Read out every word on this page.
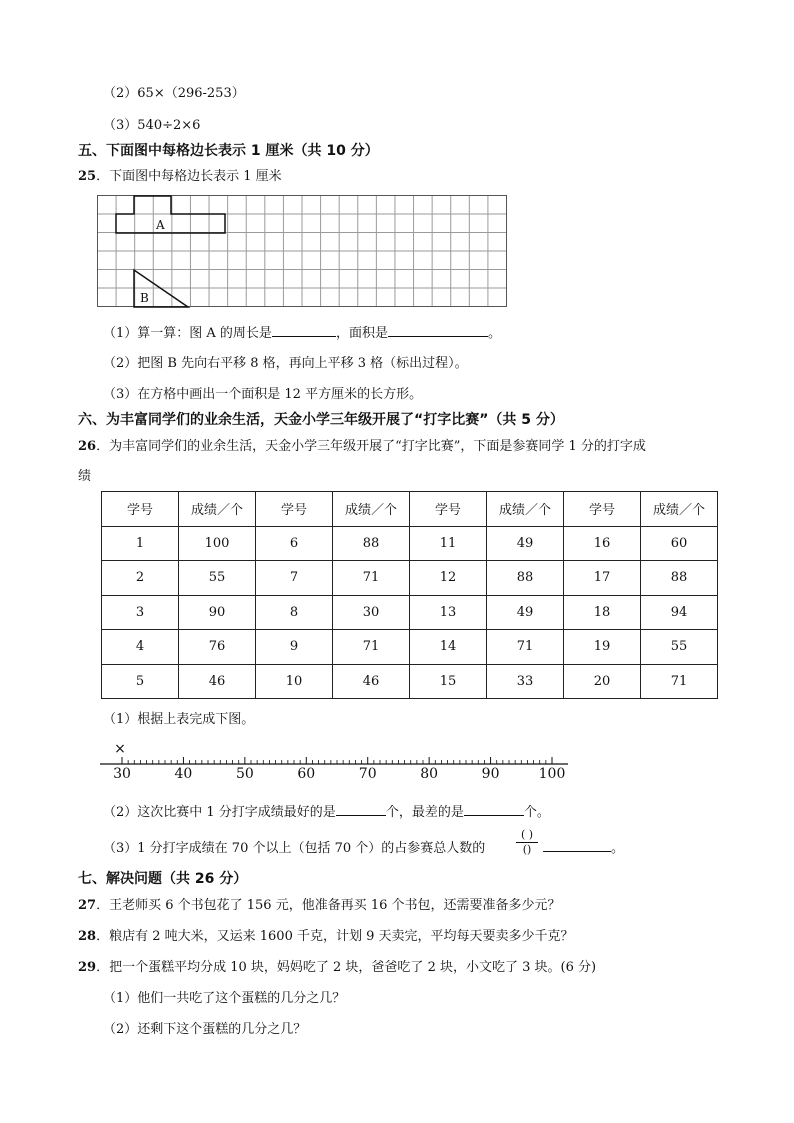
（2）65×（296-253）
（3）540÷2×6
五、下面图中每格边长表示 1 厘米（共 10 分）
25．下面图中每格边长表示 1 厘米
A
B
（1）算一算：图 A 的周长是	，面积是	。
（2）把图 B 先向右平移 8 格，再向上平移 3 格（标出过程）。
（3）在方格中画出一个面积是 12 平方厘米的长方形。
六、为丰富同学们的业余生活，天金小学三年级开展了“打字比赛”（共 5 分）
26．为丰富同学们的业余生活，天金小学三年级开展了“打字比赛”，下面是参赛同学 1 分的打字成
绩
学号	成绩／个	学号	成绩／个	学号	成绩／个	学号	成绩／个
1	100	6	88	11	49	16	60
2	55	7	71	12	88	17	88
3	90	8	30	13	49	18	94
4	76	9	71	14	71	19	55
5	46	10	46	15	33	20	71
（1）根据上表完成下图。
30	40	50	60	70	80	90	100
×
（2）这次比赛中 1 分打字成绩最好的是	个，最差的是	个。
（3）1 分打字成绩在 70 个以上（包括 70 个）的占参赛总人数的
( )
()	。
七、解决问题（共 26 分）
27．王老师买 6 个书包花了 156 元，他准备再买 16 个书包，还需要准备多少元？
28．粮店有 2 吨大米，又运来 1600 千克，计划 9 天卖完，平均每天要卖多少千克？
29．把一个蛋糕平均分成 10 块，妈妈吃了 2 块，爸爸吃了 2 块，小文吃了 3 块。(6 分)
（1）他们一共吃了这个蛋糕的几分之几？
（2）还剩下这个蛋糕的几分之几？
